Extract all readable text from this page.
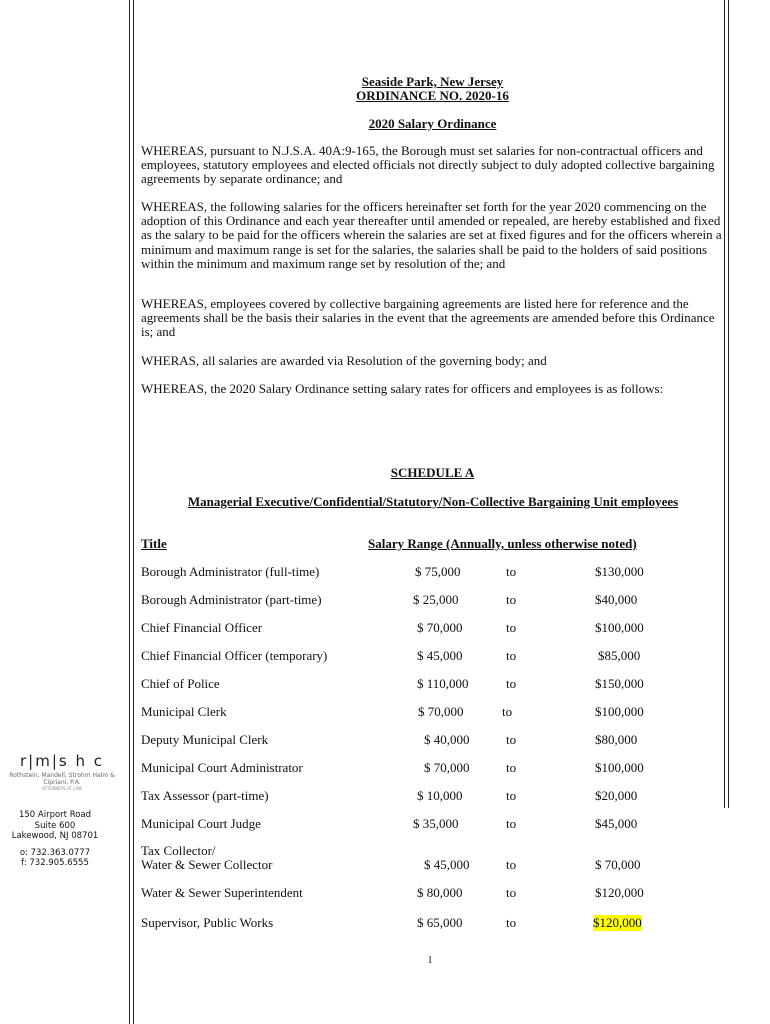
Seaside Park, New Jersey
ORDINANCE NO. 2020-16
2020 Salary Ordinance
WHEREAS, pursuant to N.J.S.A. 40A:9-165, the Borough must set salaries for non-contractual officers and employees, statutory employees and elected officials not directly subject to duly adopted collective bargaining agreements by separate ordinance; and
WHEREAS, the following salaries for the officers hereinafter set forth for the year 2020 commencing on the adoption of this Ordinance and each year thereafter until amended or repealed, are hereby established and fixed as the salary to be paid for the officers wherein the salaries are set at fixed figures and for the officers wherein a minimum and maximum range is set for the salaries, the salaries shall be paid to the holders of said positions within the minimum and maximum range set by resolution of the; and
WHEREAS, employees covered by collective bargaining agreements are listed here for reference and the agreements shall be the basis their salaries in the event that the agreements are amended before this Ordinance is; and
WHERAS, all salaries are awarded via Resolution of the governing body; and
WHEREAS, the 2020 Salary Ordinance setting salary rates for officers and employees is as follows:
SCHEDULE A
Managerial Executive/Confidential/Statutory/Non-Collective Bargaining Unit employees
Title	Salary Range (Annually, unless otherwise noted)
Borough Administrator (full-time)	$ 75,000	to	$130,000
Borough Administrator (part-time)	$ 25,000	to	$40,000
Chief Financial Officer	$ 70,000	to	$100,000
Chief Financial Officer (temporary)	$ 45,000	to	$85,000
Chief of Police	$ 110,000	to	$150,000
Municipal Clerk	$ 70,000	to	$100,000
Deputy Municipal Clerk	$ 40,000	to	$80,000
Municipal Court Administrator	$ 70,000	to	$100,000
Tax Assessor (part-time)	$ 10,000	to	$20,000
Municipal Court Judge	$ 35,000	to	$45,000
Tax Collector/
Water & Sewer Collector	$ 45,000	to	$ 70,000
Water & Sewer Superintendent	$ 80,000	to	$120,000
Supervisor, Public Works	$ 65,000	to	$120,000
r|m|s h c
Rothstein, Mandell, Strohm Halm & Cipriani, P.A.
ATTORNEYS AT LAW
150 Airport Road
Suite 600
Lakewood, NJ 08701
o: 732.363.0777
f: 732.905.6555
1
